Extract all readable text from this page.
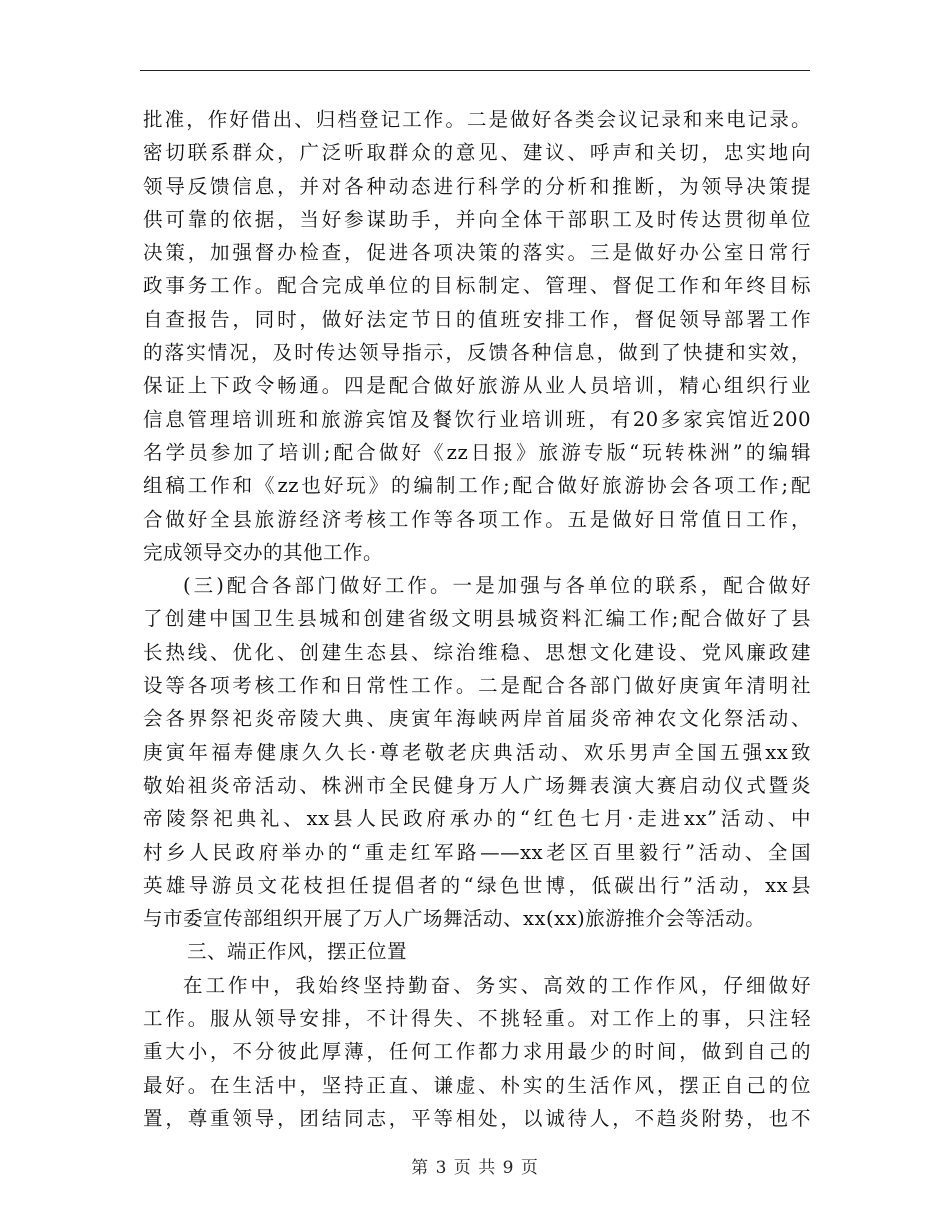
批准，作好借出、归档登记工作。二是做好各类会议记录和来电记录。
密切联系群众，广泛听取群众的意见、建议、呼声和关切，忠实地向
领导反馈信息，并对各种动态进行科学的分析和推断，为领导决策提
供可靠的依据，当好参谋助手，并向全体干部职工及时传达贯彻单位
决策，加强督办检查，促进各项决策的落实。三是做好办公室日常行
政事务工作。配合完成单位的目标制定、管理、督促工作和年终目标
自查报告，同时，做好法定节日的值班安排工作，督促领导部署工作
的落实情况，及时传达领导指示，反馈各种信息，做到了快捷和实效，
保证上下政令畅通。四是配合做好旅游从业人员培训，精心组织行业
信息管理培训班和旅游宾馆及餐饮行业培训班，有20多家宾馆近200
名学员参加了培训;配合做好《zz日报》旅游专版“玩转株洲”的编辑
组稿工作和《zz也好玩》的编制工作;配合做好旅游协会各项工作;配
合做好全县旅游经济考核工作等各项工作。五是做好日常值日工作，
完成领导交办的其他工作。
(三)配合各部门做好工作。一是加强与各单位的联系，配合做好
了创建中国卫生县城和创建省级文明县城资料汇编工作;配合做好了县
长热线、优化、创建生态县、综治维稳、思想文化建设、党风廉政建
设等各项考核工作和日常性工作。二是配合各部门做好庚寅年清明社
会各界祭祀炎帝陵大典、庚寅年海峡两岸首届炎帝神农文化祭活动、
庚寅年福寿健康久久长·尊老敬老庆典活动、欢乐男声全国五强xx致
敬始祖炎帝活动、株洲市全民健身万人广场舞表演大赛启动仪式暨炎
帝陵祭祀典礼、xx县人民政府承办的“红色七月·走进xx”活动、中
村乡人民政府举办的“重走红军路——xx老区百里毅行”活动、全国
英雄导游员文花枝担任提倡者的“绿色世博，低碳出行”活动，xx县
与市委宣传部组织开展了万人广场舞活动、xx(xx)旅游推介会等活动。
三、端正作风，摆正位置
在工作中，我始终坚持勤奋、务实、高效的工作作风，仔细做好
工作。服从领导安排，不计得失、不挑轻重。对工作上的事，只注轻
重大小，不分彼此厚薄，任何工作都力求用最少的时间，做到自己的
最好。在生活中，坚持正直、谦虚、朴实的生活作风，摆正自己的位
置，尊重领导，团结同志，平等相处，以诚待人，不趋炎附势，也不
第 3 页 共 9 页
